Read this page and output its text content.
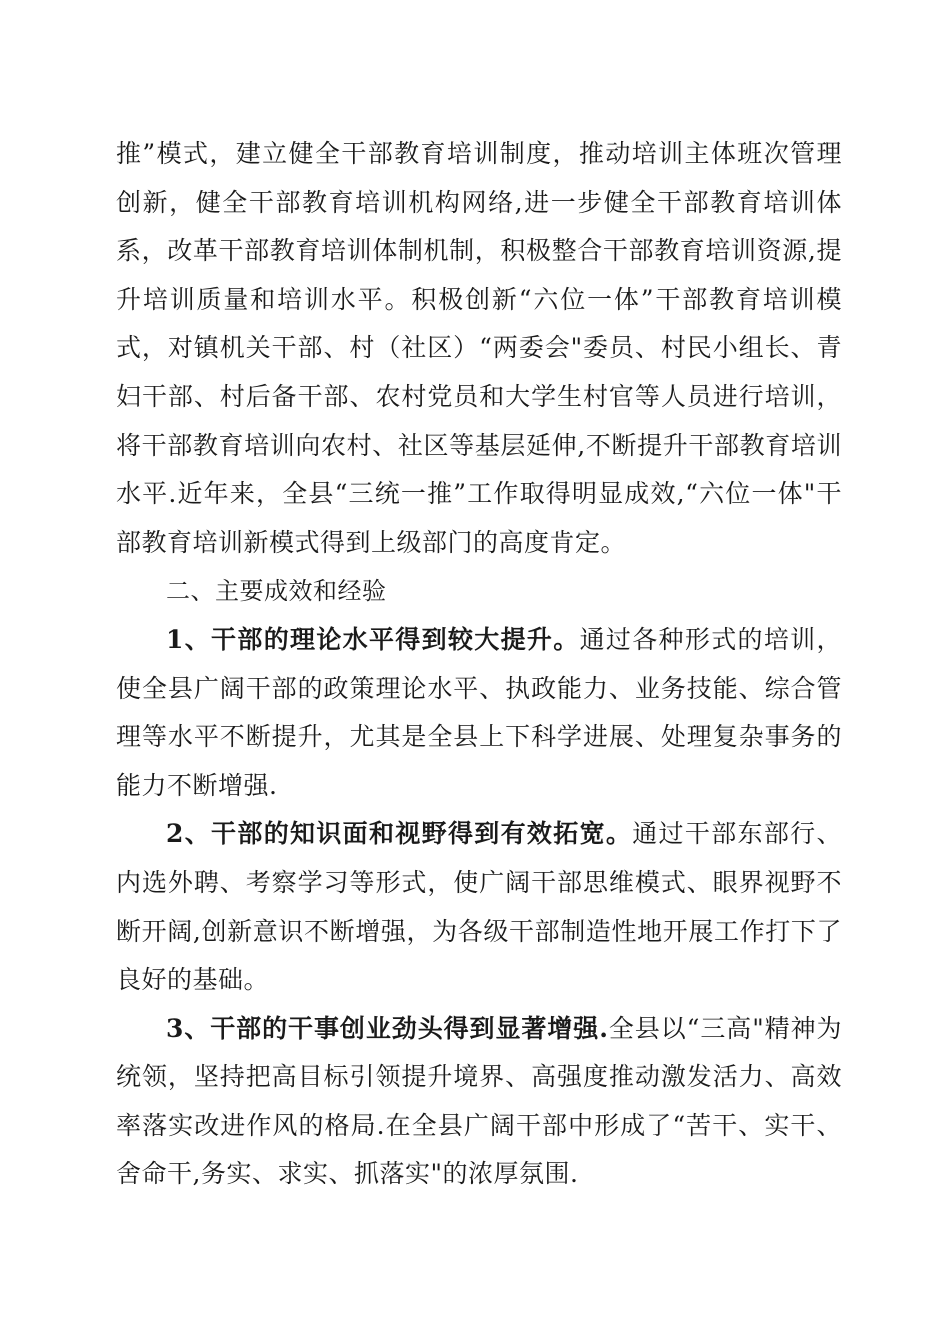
推”模式，建立健全干部教育培训制度，推动培训主体班次管理创新，健全干部教育培训机构网络,进一步健全干部教育培训体系，改革干部教育培训体制机制，积极整合干部教育培训资源,提升培训质量和培训水平。积极创新“六位一体”干部教育培训模式，对镇机关干部、村（社区）“两委会"委员、村民小组长、青妇干部、村后备干部、农村党员和大学生村官等人员进行培训，将干部教育培训向农村、社区等基层延伸,不断提升干部教育培训水平.近年来，全县“三统一推”工作取得明显成效,“六位一体"干部教育培训新模式得到上级部门的高度肯定。

二、主要成效和经验

1、干部的理论水平得到较大提升。通过各种形式的培训，使全县广阔干部的政策理论水平、执政能力、业务技能、综合管理等水平不断提升，尤其是全县上下科学进展、处理复杂事务的能力不断增强.

2、干部的知识面和视野得到有效拓宽。通过干部东部行、内选外聘、考察学习等形式，使广阔干部思维模式、眼界视野不断开阔,创新意识不断增强，为各级干部制造性地开展工作打下了良好的基础。

3、干部的干事创业劲头得到显著增强.全县以“三高"精神为统领，坚持把高目标引领提升境界、高强度推动激发活力、高效率落实改进作风的格局.在全县广阔干部中形成了“苦干、实干、舍命干,务实、求实、抓落实"的浓厚氛围.
